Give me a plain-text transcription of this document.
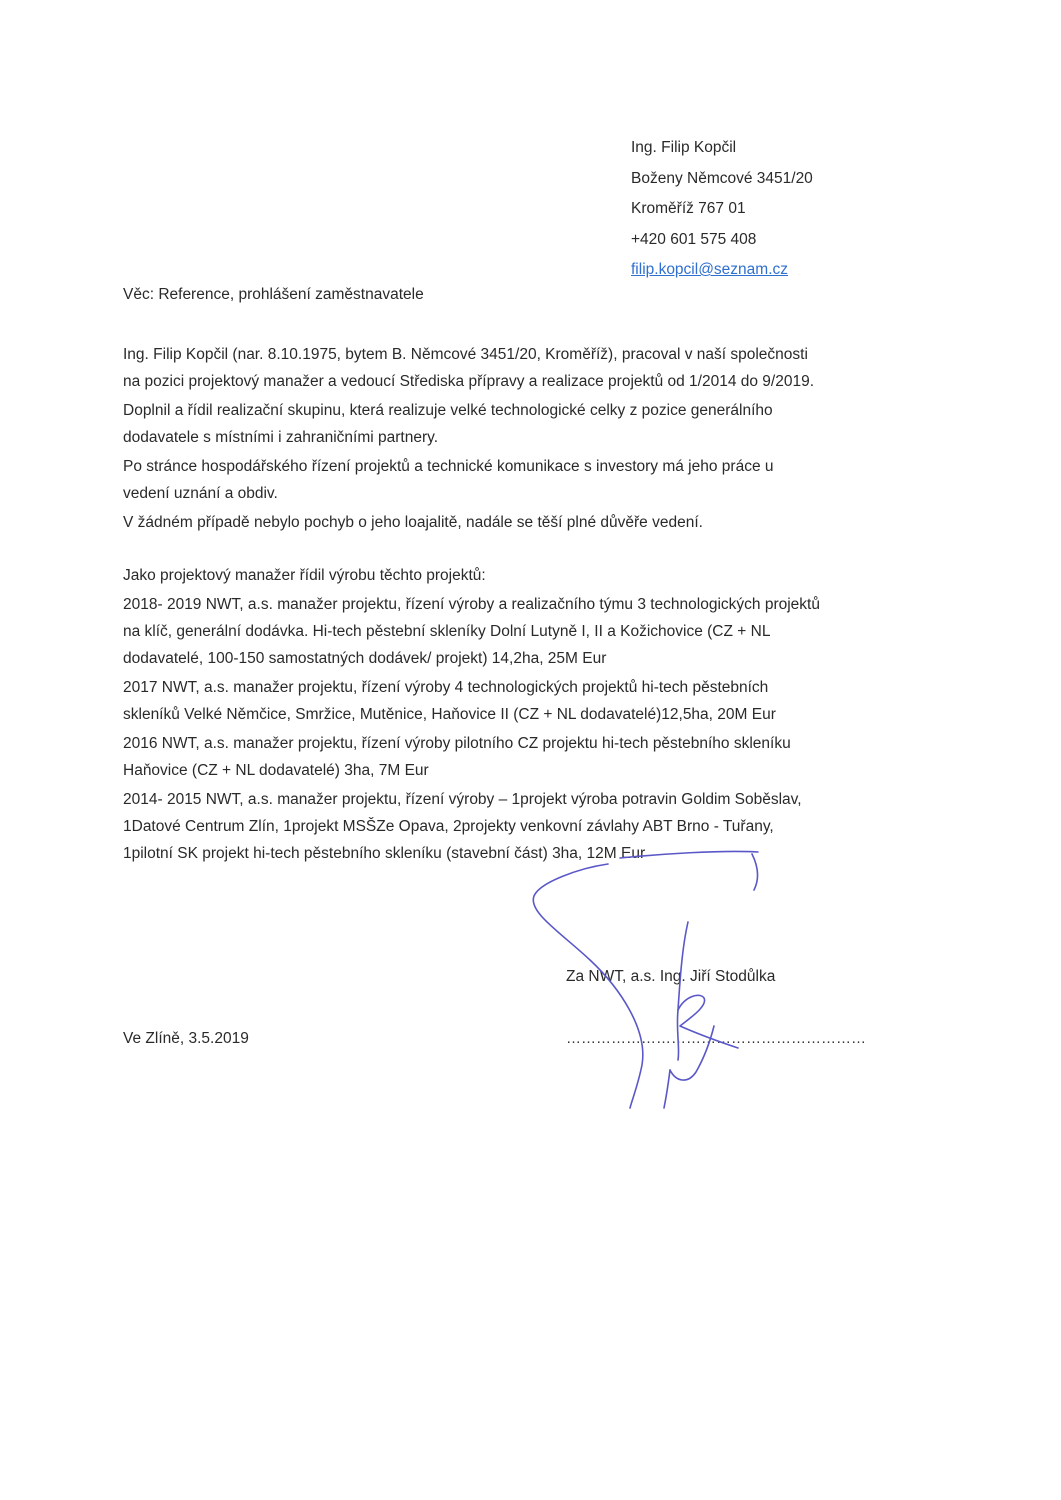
Ing. Filip Kopčil
Boženy Němcové 3451/20
Kroměříž 767 01
+420 601 575 408
filip.kopcil@seznam.cz
Věc: Reference, prohlášení zaměstnavatele

Ing. Filip Kopčil (nar. 8.10.1975, bytem B. Němcové 3451/20, Kroměříž), pracoval v naší společnosti na pozici projektový manažer a vedoucí Střediska přípravy a realizace projektů od 1/2014 do 9/2019.

Doplnil a řídil realizační skupinu, která realizuje velké technologické celky z pozice generálního dodavatele s místními i zahraničními partnery.

Po stránce hospodářského řízení projektů a technické komunikace s investory má jeho práce u vedení uznání a obdiv.

V žádném případě nebylo pochyb o jeho loajalitě, nadále se těší plné důvěře vedení.

Jako projektový manažer řídil výrobu těchto projektů:

2018- 2019 NWT, a.s. manažer projektu, řízení výroby a realizačního týmu 3 technologických projektů na klíč, generální dodávka. Hi-tech pěstební skleníky Dolní Lutyně I, II a Kožichovice (CZ + NL dodavatelé, 100-150 samostatných dodávek/ projekt) 14,2ha, 25M Eur

2017 NWT, a.s. manažer projektu, řízení výroby 4 technologických projektů hi-tech pěstebních skleníků Velké Němčice, Smržice, Mutěnice, Haňovice II (CZ + NL dodavatelé)12,5ha, 20M Eur

2016 NWT, a.s. manažer projektu, řízení výroby pilotního CZ projektu hi-tech pěstebního skleníku Haňovice (CZ + NL dodavatelé) 3ha, 7M Eur

2014- 2015 NWT, a.s. manažer projektu, řízení výroby – 1projekt výroba potravin Goldim Soběslav, 1Datové Centrum Zlín, 1projekt MSŠZe Opava, 2projekty venkovní závlahy ABT Brno - Tuřany, 1pilotní SK projekt hi-tech pěstebního skleníku (stavební část) 3ha, 12M Eur

Za NWT, a.s. Ing. Jiří Stodůlka
……………………………………………………
Ve Zlíně, 3.5.2019
